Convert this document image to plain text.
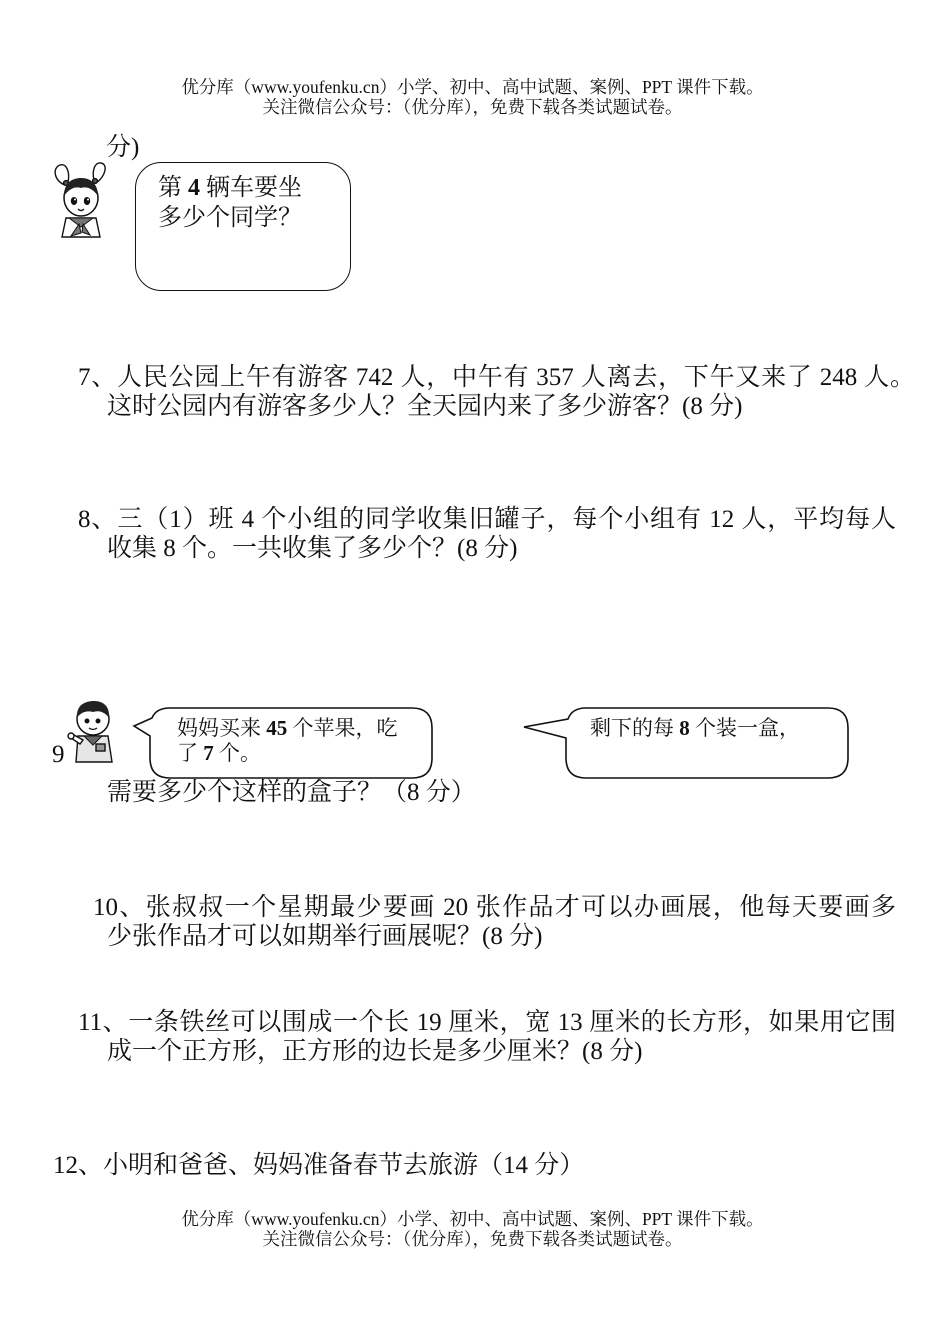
优分库（www.youfenku.cn）小学、初中、高中试题、案例、PPT 课件下载。
关注微信公众号：（优分库），免费下载各类试题试卷。
分)
第 4 辆车要坐
多少个同学？
7、人民公园上午有游客 742 人，中午有 357 人离去，下午又来了 248 人。
这时公园内有游客多少人？全天园内来了多少游客？(8 分)
8、三（1）班 4 个小组的同学收集旧罐子，每个小组有 12 人，平均每人
收集 8 个。一共收集了多少个？(8 分)
9
妈妈买来 45 个苹果，吃
了 7 个。
剩下的每 8 个装一盒，
需要多少个这样的盒子？（8 分）
10、张叔叔一个星期最少要画 20 张作品才可以办画展，他每天要画多
少张作品才可以如期举行画展呢？(8 分)
11、一条铁丝可以围成一个长 19 厘米，宽 13 厘米的长方形，如果用它围
成一个正方形，正方形的边长是多少厘米？(8 分)
12、小明和爸爸、妈妈准备春节去旅游（14 分）
优分库（www.youfenku.cn）小学、初中、高中试题、案例、PPT 课件下载。
关注微信公众号：（优分库），免费下载各类试题试卷。
